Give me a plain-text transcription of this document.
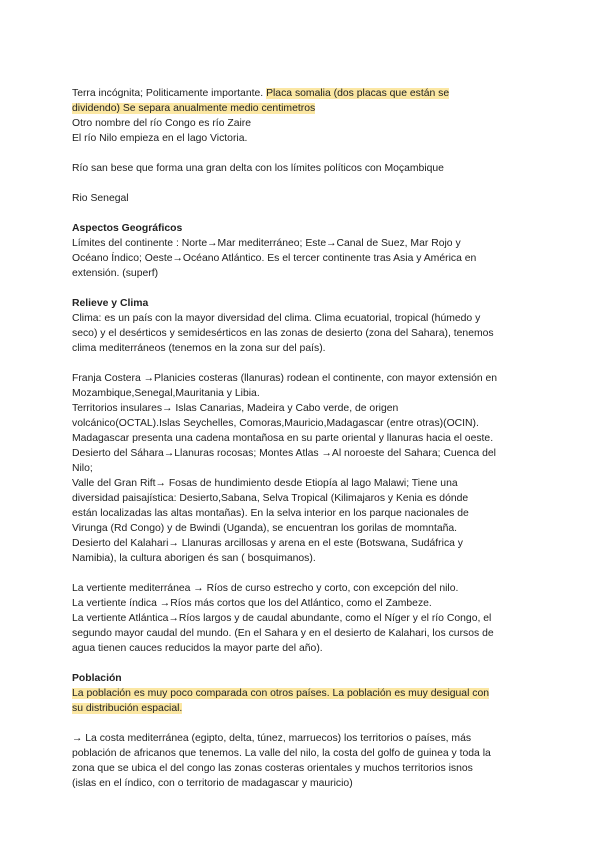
Terra incógnita; Politicamente importante. Placa somalia (dos placas que están se
dividendo) Se separa anualmente medio centimetros
Otro nombre del río Congo es río Zaire
El río Nilo empieza en el lago Victoria.
Río san bese que forma una gran delta con los límites políticos con Moçambique
Rio Senegal
Aspectos Geográficos
Límites del continente : Norte→Mar mediterráneo; Este→Canal de Suez, Mar Rojo y
Océano Índico; Oeste→Océano Atlántico. Es el tercer continente tras Asia y América en
extensión. (superf)
Relieve y Clima
Clima: es un país con la mayor diversidad del clima. Clima ecuatorial, tropical (húmedo y
seco) y el desérticos y semidesérticos en las zonas de desierto (zona del Sahara), tenemos
clima mediterráneos (tenemos en la zona sur del país).
Franja Costera →Planicies costeras (llanuras) rodean el continente, con mayor extensión en
Mozambique,Senegal,Mauritania y Libia.
Territorios insulares→ Islas Canarias, Madeira y Cabo verde, de origen
volcánico(OCTAL).Islas Seychelles, Comoras,Mauricio,Madagascar (entre otras)(OCIN).
Madagascar presenta una cadena montañosa en su parte oriental y llanuras hacia el oeste.
Desierto del Sáhara→Llanuras rocosas; Montes Atlas →Al noroeste del Sahara; Cuenca del
Nilo;
Valle del Gran Rift→ Fosas de hundimiento desde Etiopía al lago Malawi; Tiene una
diversidad paisajística: Desierto,Sabana, Selva Tropical (Kilimajaros y Kenia es dónde
están localizadas las altas montañas). En la selva interior en los parque nacionales de
Virunga (Rd Congo) y de Bwindi (Uganda), se encuentran los gorilas de momntaña.
Desierto del Kalahari→ Llanuras arcillosas y arena en el este (Botswana, Sudáfrica y
Namibia), la cultura aborigen és san ( bosquimanos).
La vertiente mediterránea → Ríos de curso estrecho y corto, con excepción del nilo.
La vertiente índica →Ríos más cortos que los del Atlántico, como el Zambeze.
La vertiente Atlántica→Ríos largos y de caudal abundante, como el Níger y el río Congo, el
segundo mayor caudal del mundo. (En el Sahara y en el desierto de Kalahari, los cursos de
agua tienen cauces reducidos la mayor parte del año).
Población
La población es muy poco comparada con otros países. La población es muy desigual con
su distribución espacial.
→ La costa mediterránea (egipto, delta, túnez, marruecos) los territorios o países, más
población de africanos que tenemos. La valle del nilo, la costa del golfo de guinea y toda la
zona que se ubica el del congo las zonas costeras orientales y muchos territorios isnos
(islas en el índico, con o territorio de madagascar y mauricio)
